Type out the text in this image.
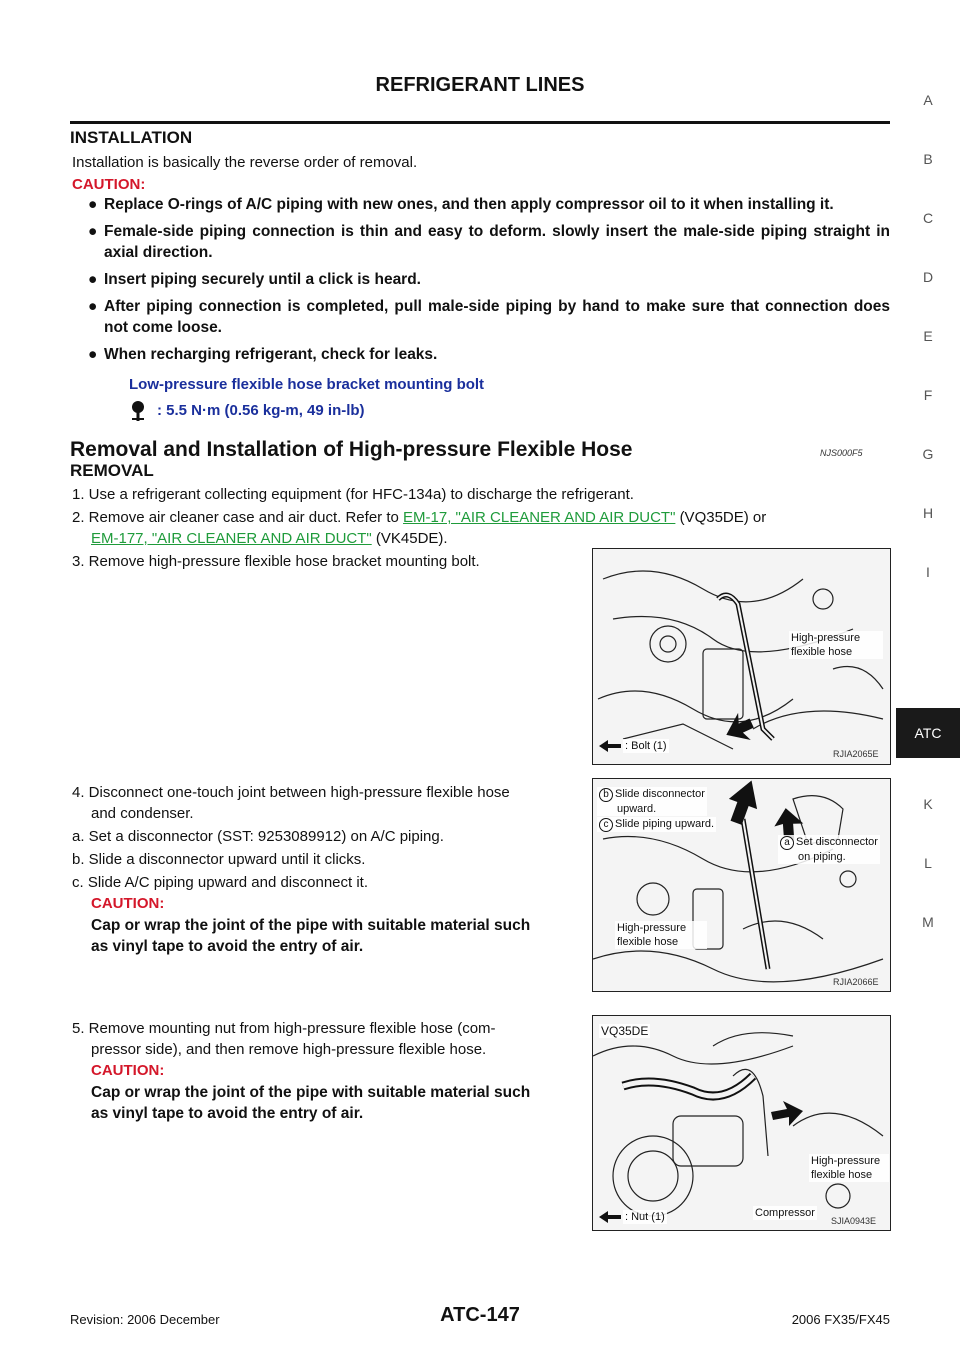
REFRIGERANT LINES
A
B
C
D
E
F
G
H
I
ATC
K
L
M
INSTALLATION
Installation is basically the reverse order of removal.
CAUTION:
● Replace O-rings of A/C piping with new ones, and then apply compressor oil to it when installing it.
● Female-side piping connection is thin and easy to deform. slowly insert the male-side piping straight in axial direction.
● Insert piping securely until a click is heard.
● After piping connection is completed, pull male-side piping by hand to make sure that connection does not come loose.
● When recharging refrigerant, check for leaks.
Low-pressure flexible hose bracket mounting bolt
: 5.5 N·m (0.56 kg-m, 49 in-lb)
Removal and Installation of High-pressure Flexible Hose	NJS000F5
REMOVAL
1. Use a refrigerant collecting equipment (for HFC-134a) to discharge the refrigerant.
2. Remove air cleaner case and air duct. Refer to EM-17, "AIR CLEANER AND AIR DUCT" (VQ35DE) or
EM-177, "AIR CLEANER AND AIR DUCT" (VK45DE).
3. Remove high-pressure flexible hose bracket mounting bolt.
4. Disconnect one-touch joint between high-pressure flexible hose
and condenser.
a. Set a disconnector (SST: 9253089912) on A/C piping.
b. Slide a disconnector upward until it clicks.
c. Slide A/C piping upward and disconnect it.
CAUTION:
Cap or wrap the joint of the pipe with suitable material such
as vinyl tape to avoid the entry of air.
5. Remove mounting nut from high-pressure flexible hose (com-
pressor side), and then remove high-pressure flexible hose.
CAUTION:
Cap or wrap the joint of the pipe with suitable material such
as vinyl tape to avoid the entry of air.
High-pressure flexible hose
: Bolt (1)
RJIA2065E
b Slide disconnector
upward.
c Slide piping upward.
a Set disconnector
on piping.
High-pressure flexible hose
RJIA2066E
VQ35DE
High-pressure flexible hose
Compressor
: Nut (1)	SJIA0943E
Revision: 2006 December	ATC-147	2006 FX35/FX45
